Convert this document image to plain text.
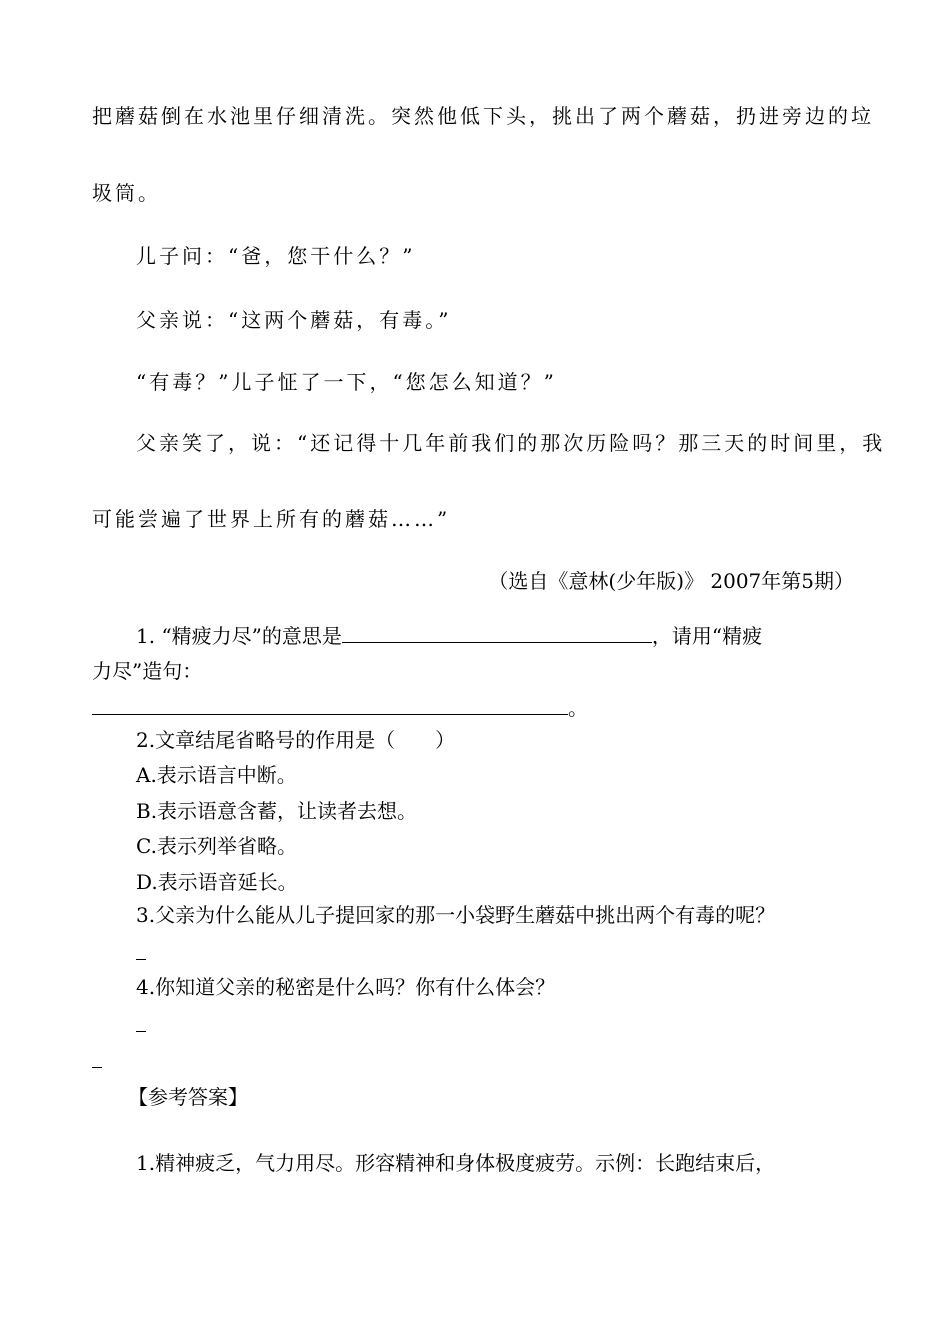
把蘑菇倒在水池里仔细清洗。突然他低下头，挑出了两个蘑菇，扔进旁边的垃

圾筒。

儿子问：“爸，您干什么？”

父亲说：“这两个蘑菇，有毒。”

“有毒？”儿子怔了一下，“您怎么知道？”

父亲笑了，说：“还记得十几年前我们的那次历险吗？那三天的时间里，我

可能尝遍了世界上所有的蘑菇……”

（选自《意林(少年版)》 2007年第5期）

1. “精疲力尽”的意思是	，请用“精疲

力尽”造句：

。

2.文章结尾省略号的作用是（　　）

A.表示语言中断。

B.表示语意含蓄，让读者去想。

C.表示列举省略。

D.表示语音延长。

3.父亲为什么能从儿子提回家的那一小袋野生蘑菇中挑出两个有毒的呢？

4.你知道父亲的秘密是什么吗？你有什么体会？

【参考答案】

1.精神疲乏，气力用尽。形容精神和身体极度疲劳。示例：长跑结束后，
